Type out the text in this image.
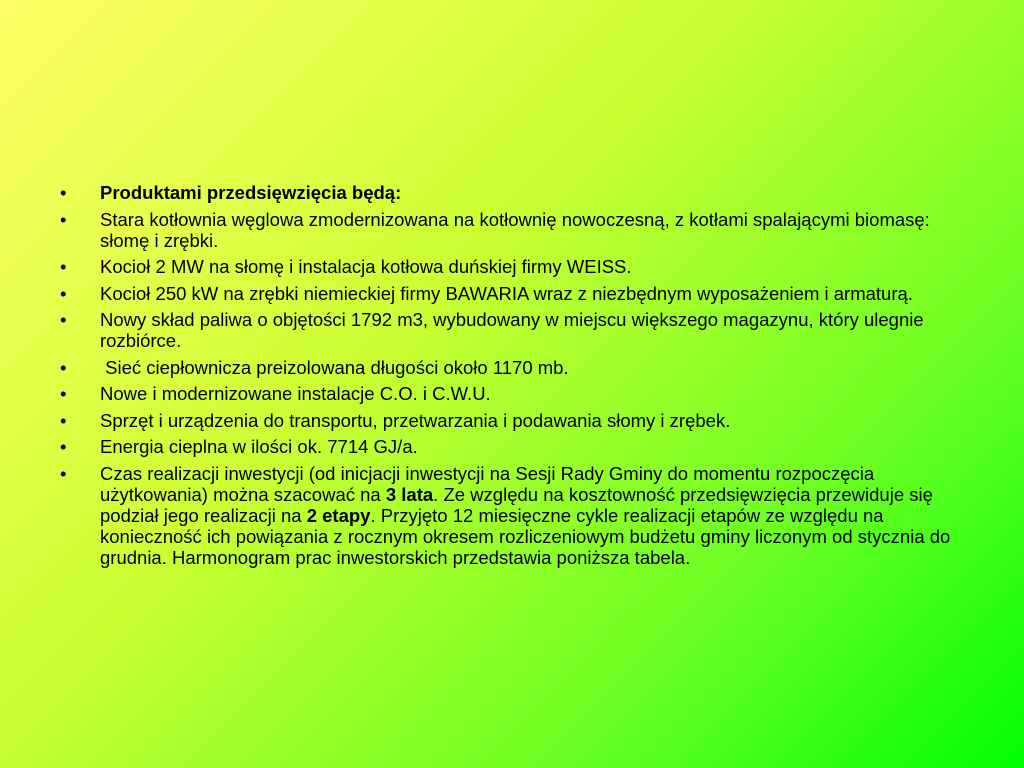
• Produktami przedsięwzięcia będą:
• Stara kotłownia węglowa zmodernizowana na kotłownię nowoczesną, z kotłami spalającymi biomasę: słomę i zrębki.
• Kocioł 2 MW na słomę i instalacja kotłowa duńskiej firmy WEISS.
• Kocioł 250 kW na zrębki niemieckiej firmy BAWARIA wraz z niezbędnym wyposażeniem i armaturą.
• Nowy skład paliwa o objętości 1792 m3, wybudowany w miejscu większego magazynu, który ulegnie rozbiórce.
• Sieć ciepłownicza preizolowana długości około 1170 mb.
• Nowe i modernizowane instalacje C.O. i C.W.U.
• Sprzęt i urządzenia do transportu, przetwarzania i podawania słomy i zrębek.
• Energia cieplna w ilości ok. 7714 GJ/a.
• Czas realizacji inwestycji (od inicjacji inwestycji na Sesji Rady Gminy do momentu rozpoczęcia użytkowania) można szacować na 3 lata. Ze względu na kosztowność przedsięwzięcia przewiduje się podział jego realizacji na 2 etapy. Przyjęto 12 miesięczne cykle realizacji etapów ze względu na konieczność ich powiązania z rocznym okresem rozliczeniowym budżetu gminy liczonym od stycznia do grudnia. Harmonogram prac inwestorskich przedstawia poniższa tabela.
